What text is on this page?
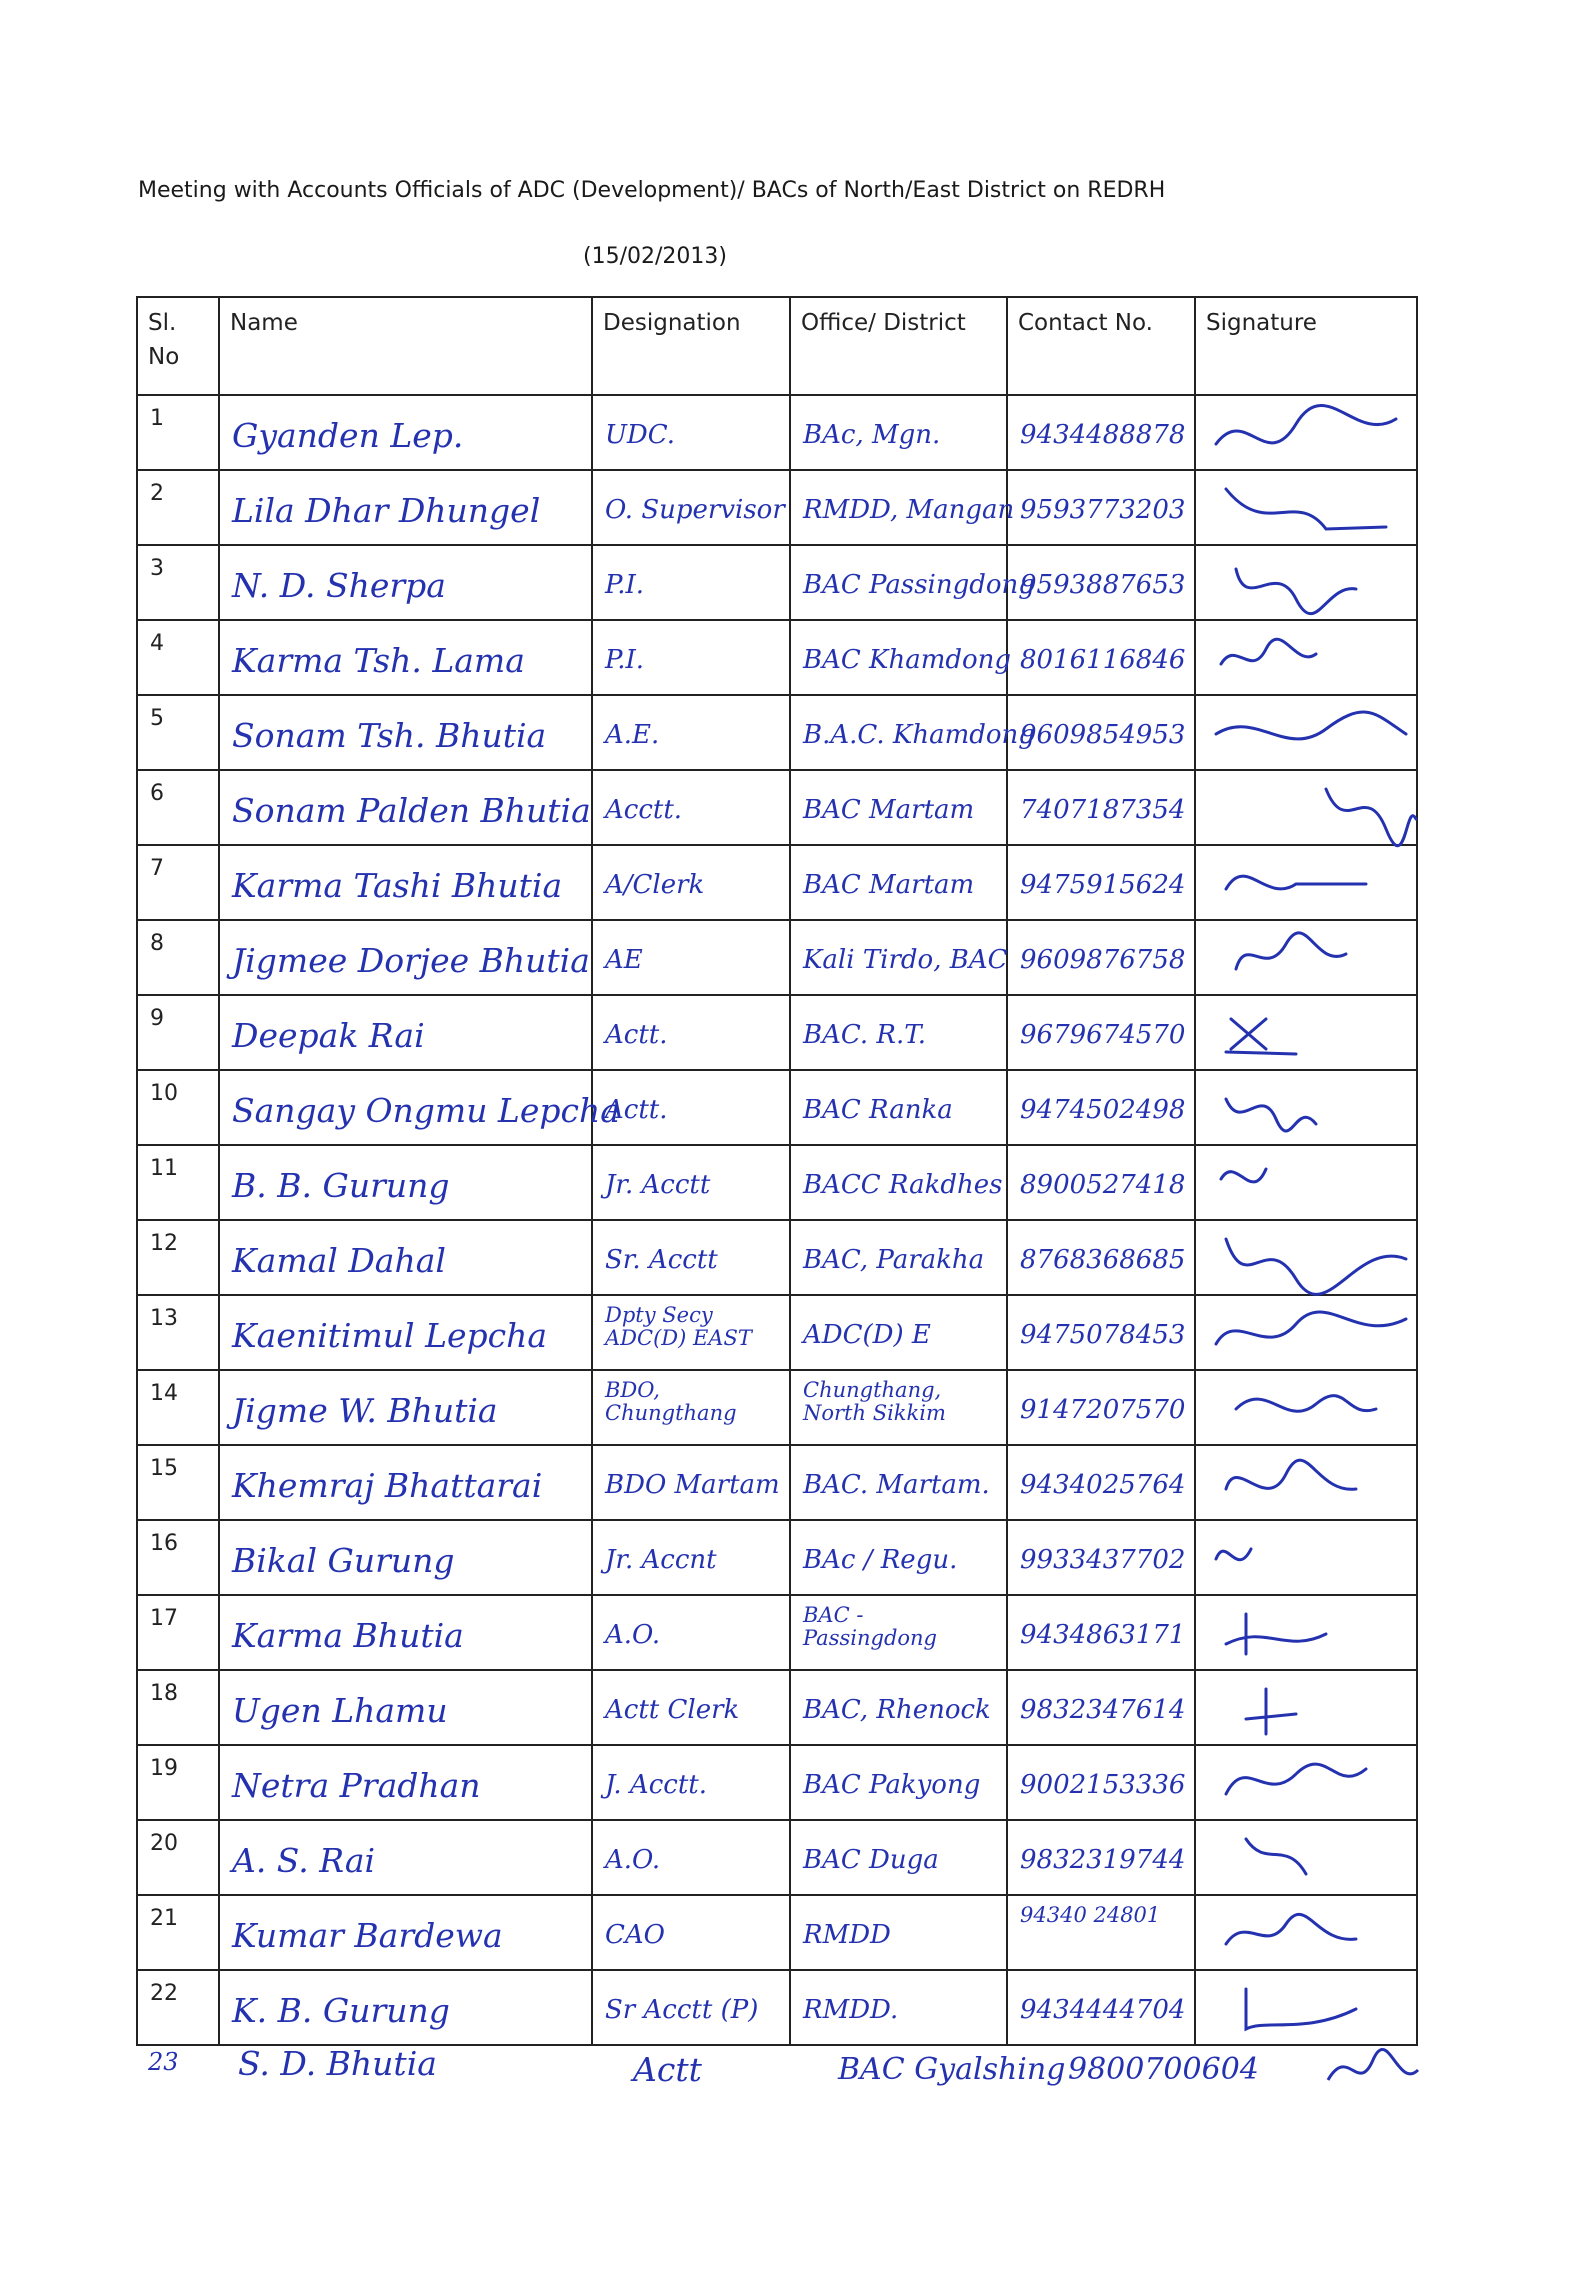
Meeting with Accounts Officials of ADC (Development)/ BACs of North/East District on REDRH
(15/02/2013)
Sl. No	Name	Designation	Office/ District	Contact No.	Signature

1	Gyanden Lep.	UDC.	BAc, Mgn.	9434488878

2	Lila Dhar Dhungel	O. Supervisor	RMDD, Mangan	9593773203

3	N. D. Sherpa	P.I.	BAC Passingdong	9593887653

4	Karma Tsh. Lama	P.I.	BAC Khamdong	8016116846

5	Sonam Tsh. Bhutia	A.E.	B.A.C. Khamdong	9609854953

6	Sonam Palden Bhutia	Acctt.	BAC Martam	7407187354

7	Karma Tashi Bhutia	A/Clerk	BAC Martam	9475915624

8	Jigmee Dorjee Bhutia	AE	Kali Tirdo, BAC	9609876758

9	Deepak Rai	Actt.	BAC. R.T.	9679674570

10	Sangay Ongmu Lepcha	Actt.	BAC Ranka	9474502498

11	B. B. Gurung	Jr. Acctt	BACC Rakdhes	8900527418

12	Kamal Dahal	Sr. Acctt	BAC, Parakha	8768368685

13	Kaenitimul Lepcha	Dpty Secy ADC(D) EAST	ADC(D) E	9475078453

14	Jigme W. Bhutia	BDO, Chungthang	Chungthang, North Sikkim	9147207570

15	Khemraj Bhattarai	BDO Martam	BAC. Martam.	9434025764

16	Bikal Gurung	Jr. Accnt	BAc / Regu.	9933437702

17	Karma Bhutia	A.O.	BAC - Passingdong	9434863171

18	Ugen Lhamu	Actt Clerk	BAC, Rhenock	9832347614

19	Netra Pradhan	J. Acctt.	BAC Pakyong	9002153336

20	A. S. Rai	A.O.	BAC Duga	9832319744

21	Kumar Bardewa	CAO	RMDD	94340 24801

22	K. B. Gurung	Sr Acctt (P)	RMDD.	9434444704

23 S. D. Bhutia	Actt	BAC Gyalshing 9800700604
